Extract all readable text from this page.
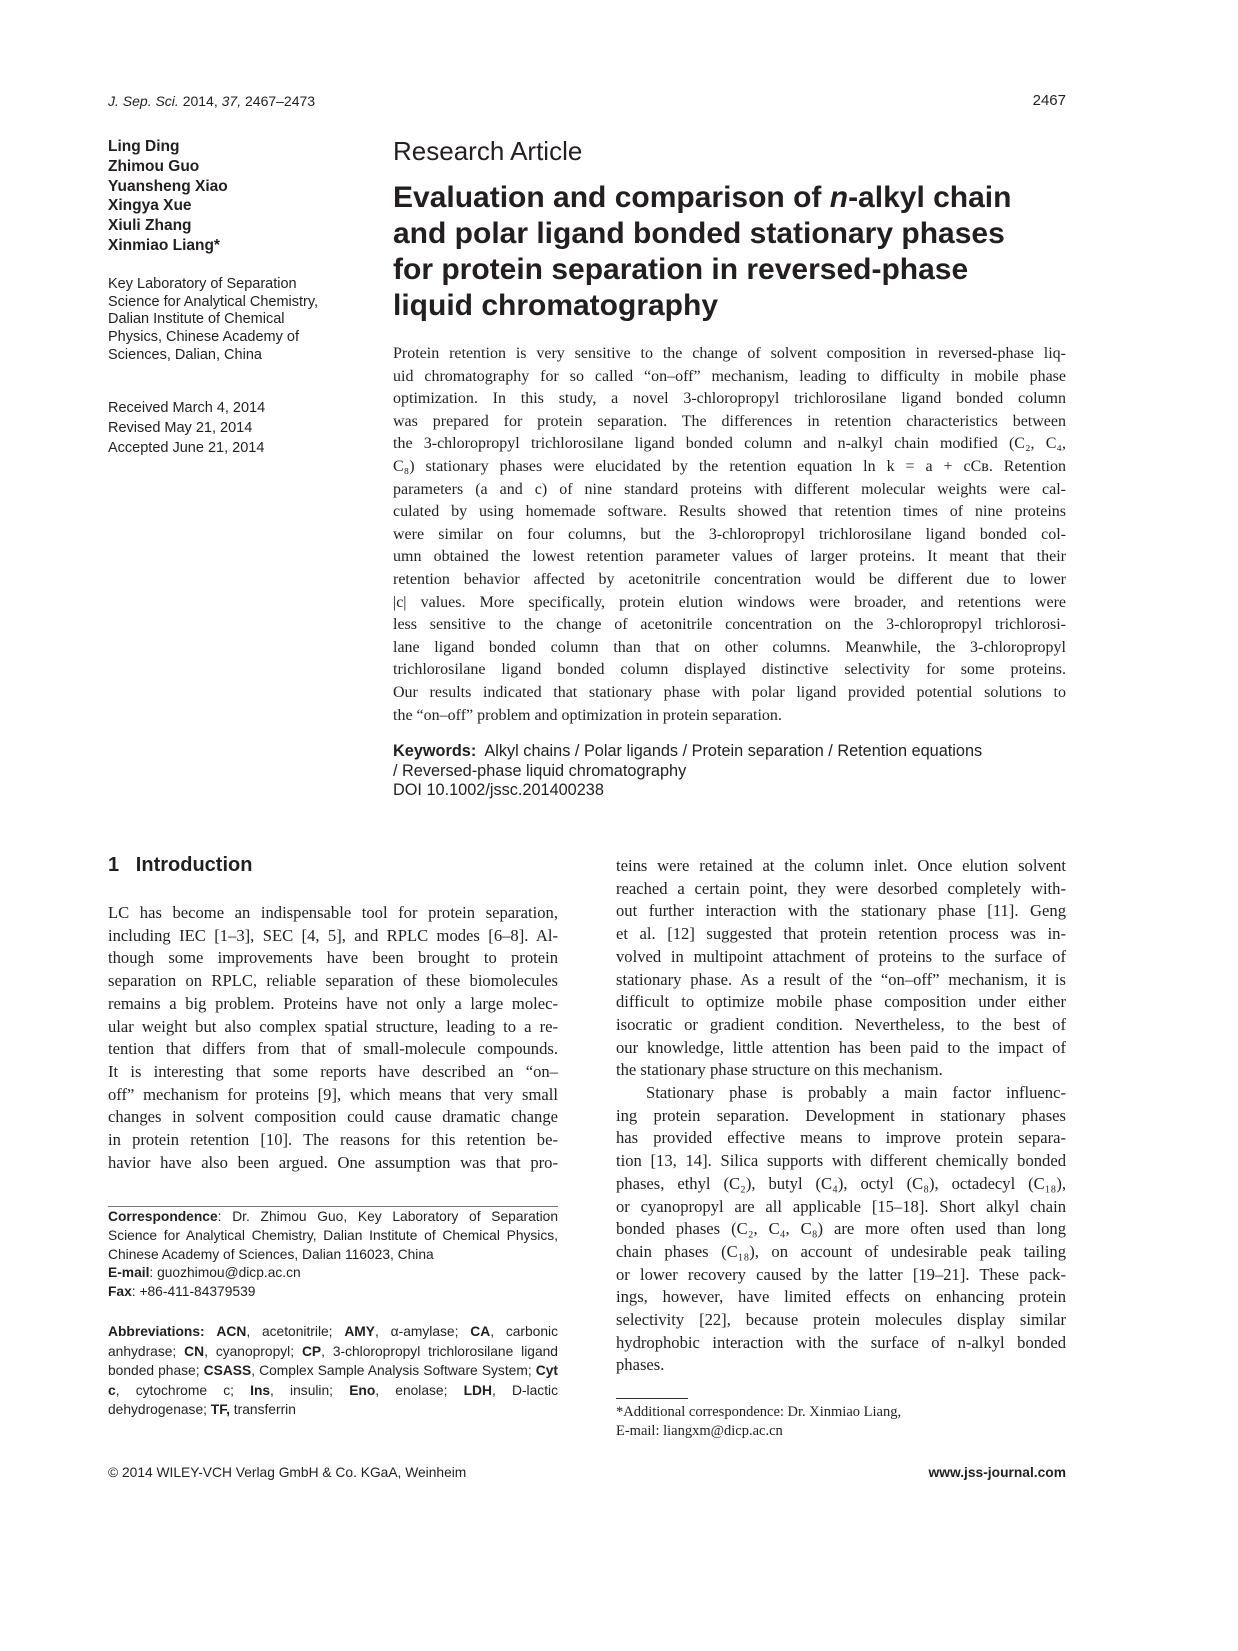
J. Sep. Sci. 2014, 37, 2467–2473	2467
Ling Ding
Zhimou Guo
Yuansheng Xiao
Xingya Xue
Xiuli Zhang
Xinmiao Liang*
Key Laboratory of Separation
Science for Analytical Chemistry,
Dalian Institute of Chemical
Physics, Chinese Academy of
Sciences, Dalian, China
Received March 4, 2014
Revised May 21, 2014
Accepted June 21, 2014
Research Article
Evaluation and comparison of n-alkyl chain
and polar ligand bonded stationary phases
for protein separation in reversed-phase
liquid chromatography
Protein retention is very sensitive to the change of solvent composition in reversed-phase liq-
uid chromatography for so called “on–off” mechanism, leading to difficulty in mobile phase
optimization. In this study, a novel 3-chloropropyl trichlorosilane ligand bonded column
was prepared for protein separation. The differences in retention characteristics between
the 3-chloropropyl trichlorosilane ligand bonded column and n-alkyl chain modified (C₂, C₄,
C₈) stationary phases were elucidated by the retention equation ln k = a + cCʙ. Retention
parameters (a and c) of nine standard proteins with different molecular weights were cal-
culated by using homemade software. Results showed that retention times of nine proteins
were similar on four columns, but the 3-chloropropyl trichlorosilane ligand bonded col-
umn obtained the lowest retention parameter values of larger proteins. It meant that their
retention behavior affected by acetonitrile concentration would be different due to lower
|c| values. More specifically, protein elution windows were broader, and retentions were
less sensitive to the change of acetonitrile concentration on the 3-chloropropyl trichlorosi-
lane ligand bonded column than that on other columns. Meanwhile, the 3-chloropropyl
trichlorosilane ligand bonded column displayed distinctive selectivity for some proteins.
Our results indicated that stationary phase with polar ligand provided potential solutions to
the “on–off” problem and optimization in protein separation.
Keywords: Alkyl chains / Polar ligands / Protein separation / Retention equations
/ Reversed-phase liquid chromatography
DOI 10.1002/jssc.201400238
1 Introduction
LC has become an indispensable tool for protein separation,
including IEC [1–3], SEC [4, 5], and RPLC modes [6–8]. Al-
though some improvements have been brought to protein
separation on RPLC, reliable separation of these biomolecules
remains a big problem. Proteins have not only a large molec-
ular weight but also complex spatial structure, leading to a re-
tention that differs from that of small-molecule compounds.
It is interesting that some reports have described an “on–
off” mechanism for proteins [9], which means that very small
changes in solvent composition could cause dramatic change
in protein retention [10]. The reasons for this retention be-
havior have also been argued. One assumption was that pro-
Correspondence: Dr. Zhimou Guo, Key Laboratory of Separation Science for Analytical Chemistry, Dalian Institute of Chemical Physics, Chinese Academy of Sciences, Dalian 116023, China
E-mail: guozhimou@dicp.ac.cn
Fax: +86-411-84379539
Abbreviations: ACN, acetonitrile; AMY, α-amylase; CA, carbonic anhydrase; CN, cyanopropyl; CP, 3-chloropropyl trichlorosilane ligand bonded phase; CSASS, Complex Sample Analysis Software System; Cyt c, cytochrome c; Ins, insulin; Eno, enolase; LDH, D-lactic dehydrogenase; TF, transferrin
teins were retained at the column inlet. Once elution solvent
reached a certain point, they were desorbed completely with-
out further interaction with the stationary phase [11]. Geng
et al. [12] suggested that protein retention process was in-
volved in multipoint attachment of proteins to the surface of
stationary phase. As a result of the “on–off” mechanism, it is
difficult to optimize mobile phase composition under either
isocratic or gradient condition. Nevertheless, to the best of
our knowledge, little attention has been paid to the impact of
the stationary phase structure on this mechanism.
Stationary phase is probably a main factor influenc-
ing protein separation. Development in stationary phases
has provided effective means to improve protein separa-
tion [13, 14]. Silica supports with different chemically bonded
phases, ethyl (C₂), butyl (C₄), octyl (C₈), octadecyl (C₁₈),
or cyanopropyl are all applicable [15–18]. Short alkyl chain
bonded phases (C₂, C₄, C₈) are more often used than long
chain phases (C₁₈), on account of undesirable peak tailing
or lower recovery caused by the latter [19–21]. These pack-
ings, however, have limited effects on enhancing protein
selectivity [22], because protein molecules display similar
hydrophobic interaction with the surface of n-alkyl bonded
phases.
*Additional correspondence: Dr. Xinmiao Liang,
E-mail: liangxm@dicp.ac.cn
© 2014 WILEY-VCH Verlag GmbH & Co. KGaA, Weinheim	www.jss-journal.com
